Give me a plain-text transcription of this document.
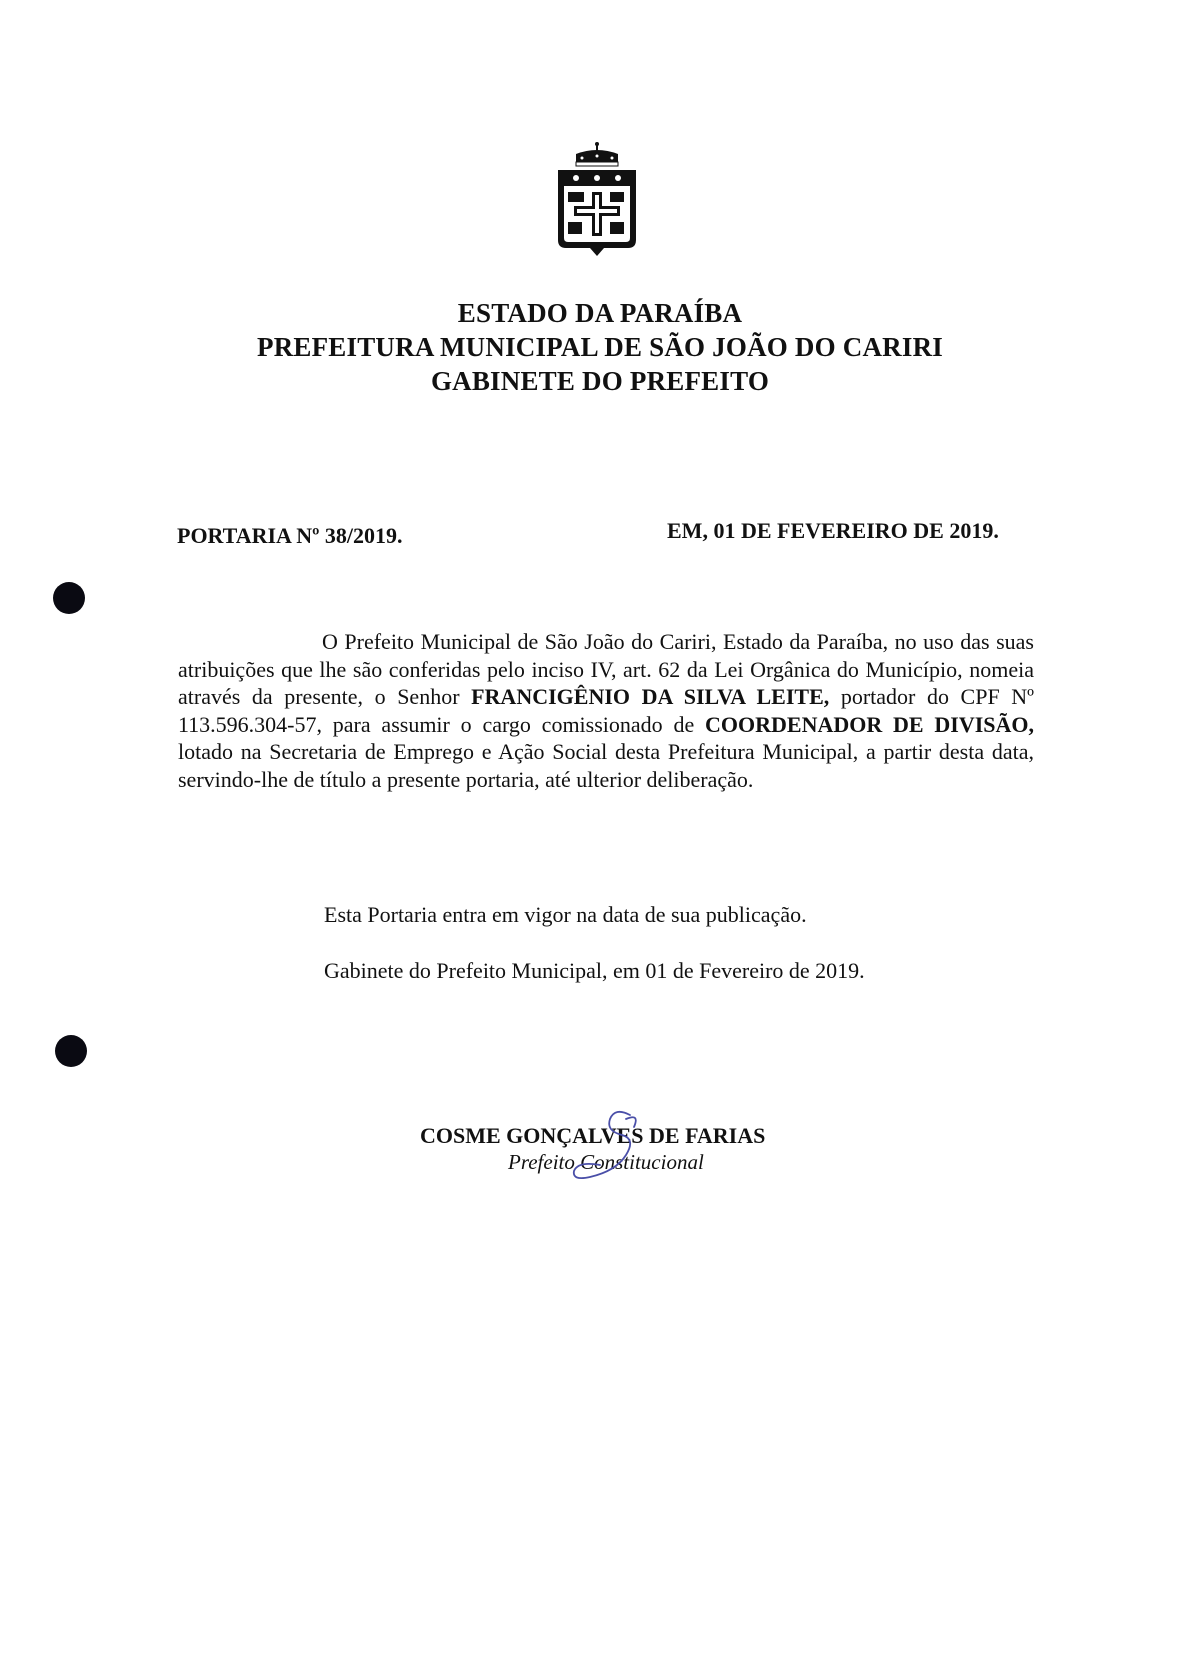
ESTADO DA PARAÍBA
PREFEITURA MUNICIPAL DE SÃO JOÃO DO CARIRI
GABINETE DO PREFEITO
PORTARIA Nº 38/2019.	EM, 01 DE FEVEREIRO DE 2019.
O Prefeito Municipal de São João do Cariri, Estado da Paraíba, no uso das suas atribuições que lhe são conferidas pelo inciso IV, art. 62 da Lei Orgânica do Município, nomeia através da presente, o Senhor FRANCIGÊNIO DA SILVA LEITE, portador do CPF Nº 113.596.304-57, para assumir o cargo comissionado de COORDENADOR DE DIVISÃO, lotado na Secretaria de Emprego e Ação Social desta Prefeitura Municipal, a partir desta data, servindo-lhe de título a presente portaria, até ulterior deliberação.
Esta Portaria entra em vigor na data de sua publicação.
Gabinete do Prefeito Municipal, em 01 de Fevereiro de 2019.
COSME GONÇALVES DE FARIAS
Prefeito Constitucional
